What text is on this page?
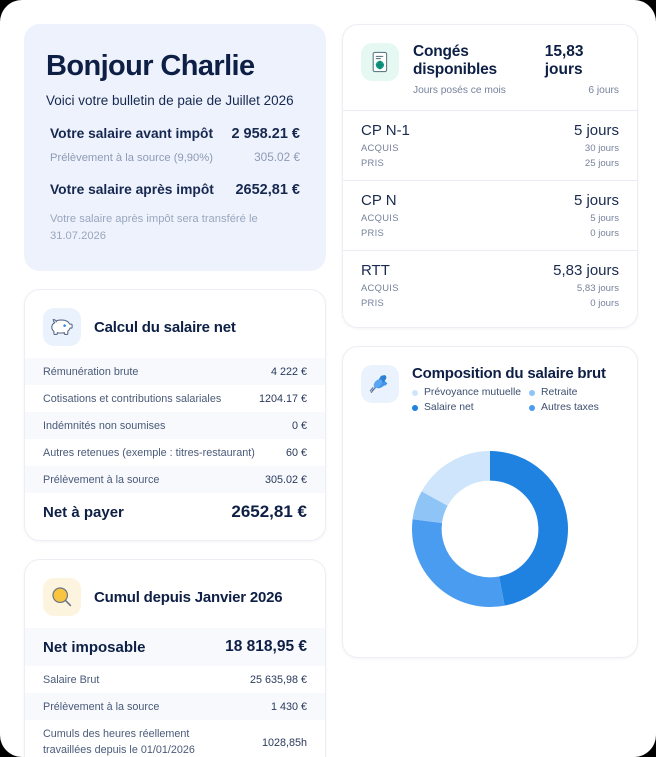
Bonjour Charlie
Voici votre bulletin de paie de Juillet 2026
Votre salaire avant impôt 2 958.21 €
Prélèvement à la source (9,90%)	305.02 €
Votre salaire après impôt 2652,81 €
Votre salaire après impôt sera transféré le 31.07.2026
Calcul du salaire net
Rémunération brute	4 222 €
Cotisations et contributions salariales	1204.17 €
Indémnités non soumises	0 €
Autres retenues (exemple : titres-restaurant)	60 €
Prélèvement à la source	305.02 €
Net à payer	2652,81 €
Cumul depuis Janvier 2026
Net imposable	18 818,95 €
Salaire Brut	25 635,98 €
Prélèvement à la source	1 430 €
Cumuls des heures réellement travaillées depuis le 01/01/2026
1028,85h
Congés disponibles
15,83 jours
Jours posés ce mois	6 jours
CP N-1	5 jours
ACQUIS	30 jours
PRIS	25 jours
CP N	5 jours
ACQUIS	5 jours
PRIS	0 jours
RTT	5,83 jours
ACQUIS	5,83 jours
PRIS	0 jours
Composition du salaire brut
Prévoyance mutuelle Retraite
Salaire net	Autres taxes
